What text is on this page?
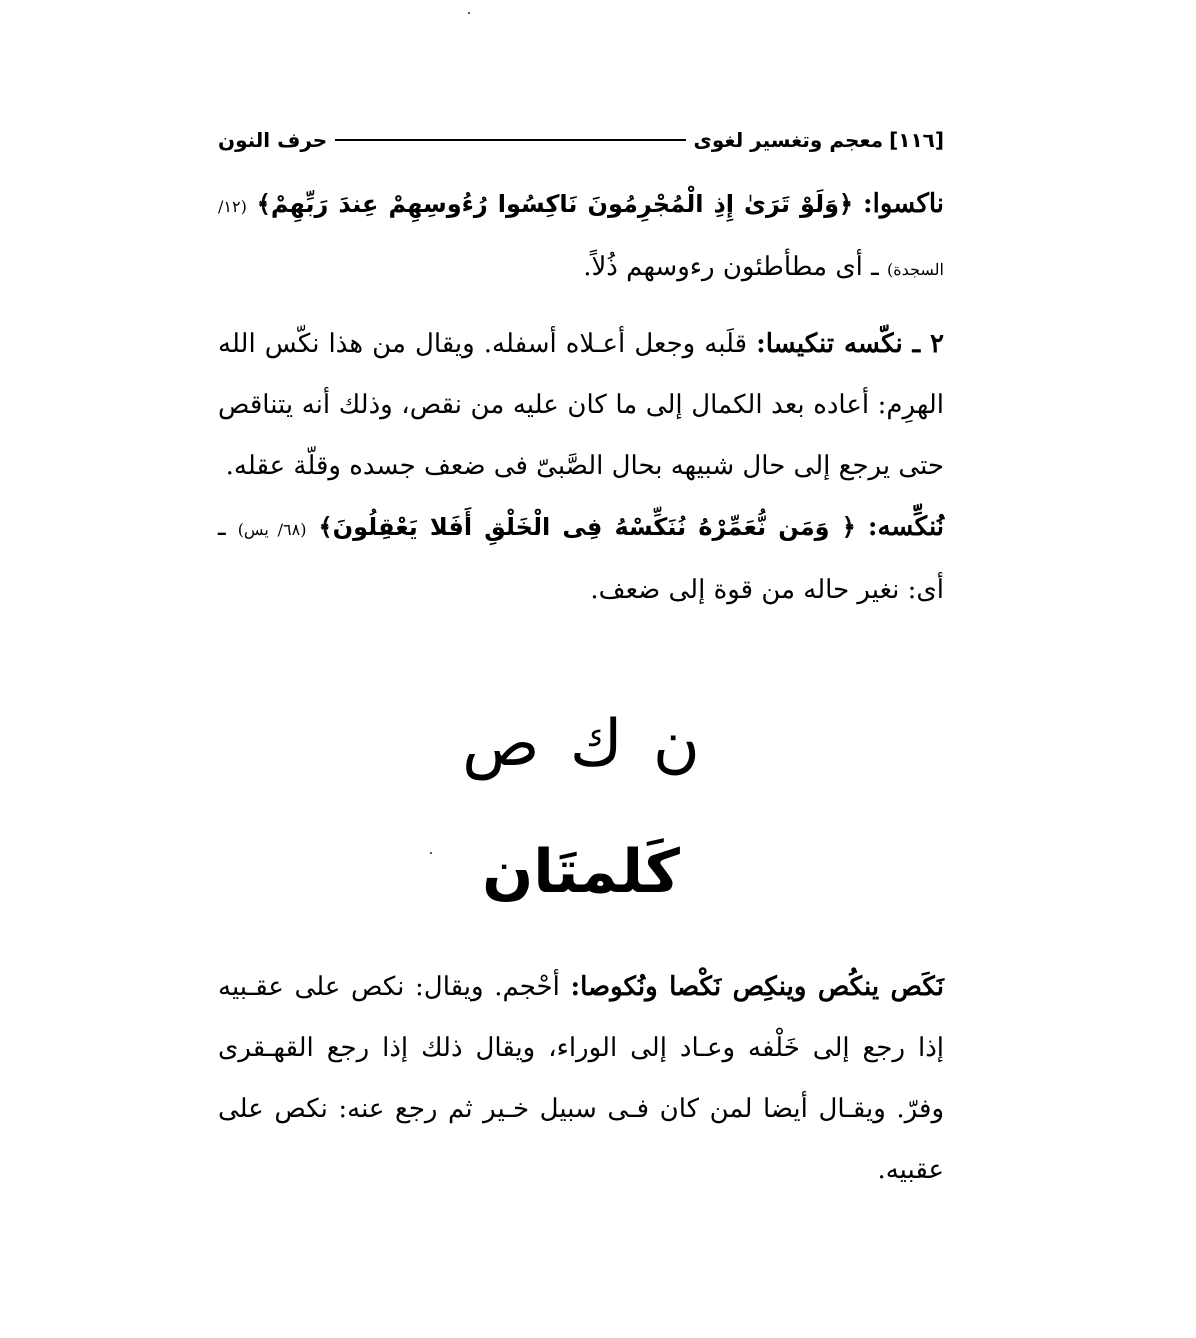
[١١٦]
معجم وتغسير لغوى
حرف النون

ناكسوا: ﴿وَلَوْ تَرَىٰ إِذِ الْمُجْرِمُونَ نَاكِسُوا رُءُوسِهِمْ عِندَ رَبِّهِمْ﴾ (١٢/ السجدة) ـ أى مطأطئون رءوسهم ذُلاً.

٢ ـ نكّسه تنكيسا: قلَبه وجعل أعـلاه أسفله. ويقال من هذا نكّس الله الهرِم: أعاده بعد الكمال إلى ما كان عليه من نقص، وذلك أنه يتناقص حتى يرجع إلى حال شبيهه بحال الصَّبىّ فى ضعف جسده وقلّة عقله.

نُنكِّسه: ﴿ وَمَن نُّعَمِّرْهُ نُنَكِّسْهُ فِى الْخَلْقِ أَفَلا يَعْقِلُونَ﴾ (٦٨/ يس) ـ أى: نغير حاله من قوة إلى ضعف.

ن ك ص
كَلمتَان

نَكَص ينكُص وينكِص نَكْصا ونُكوصا: أحْجم. ويقال: نكص على عقـبيه إذا رجع إلى خَلْفه وعـاد إلى الوراء، ويقال ذلك إذا رجع القهـقرى وفرّ. ويقـال أيضا لمن كان فـى سبيل خـير ثم رجع عنه: نكص على عقبيه.
